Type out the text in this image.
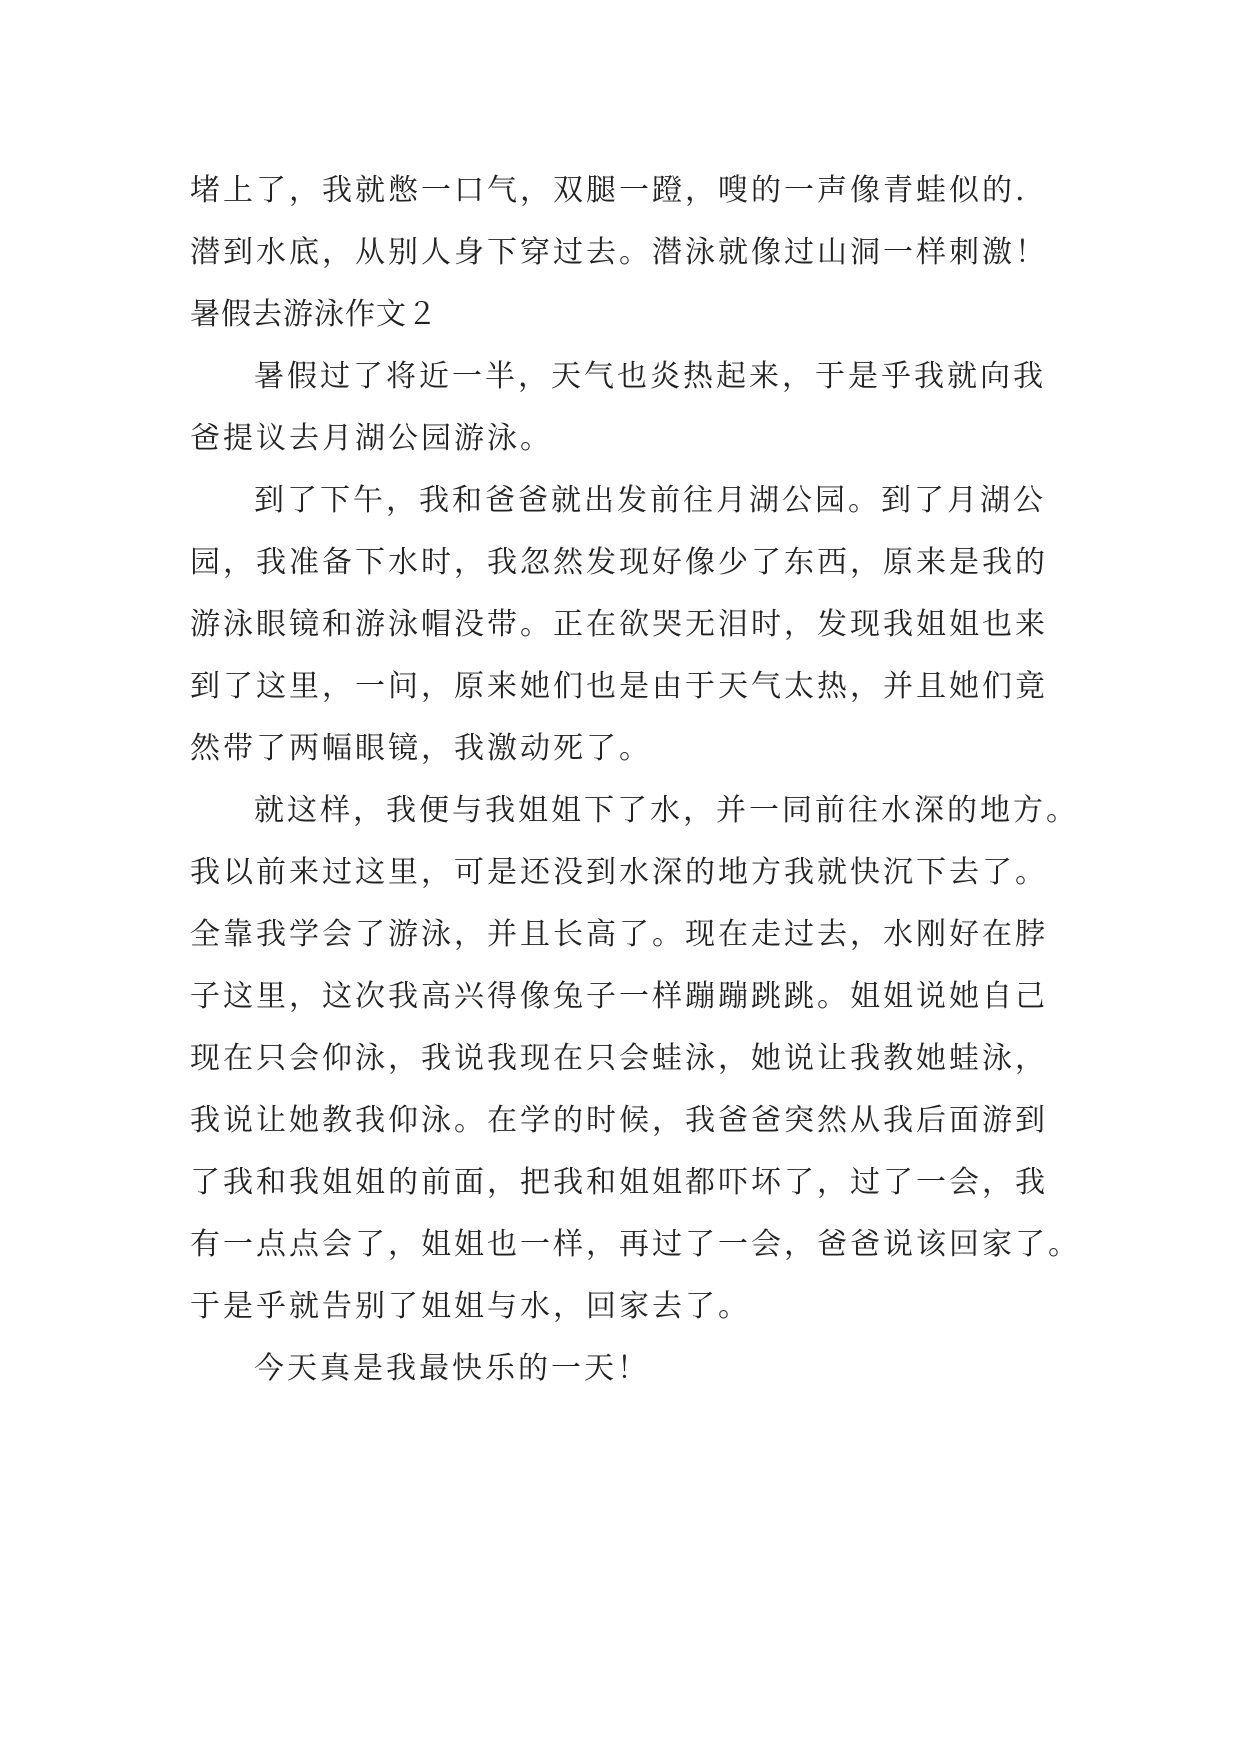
堵上了，我就憋一口气，双腿一蹬，嗖的一声像青蛙似的.
潜到水底，从别人身下穿过去。潜泳就像过山洞一样刺激！
暑假去游泳作文２
暑假过了将近一半，天气也炎热起来，于是乎我就向我
爸提议去月湖公园游泳。
到了下午，我和爸爸就出发前往月湖公园。到了月湖公
园，我准备下水时，我忽然发现好像少了东西，原来是我的
游泳眼镜和游泳帽没带。正在欲哭无泪时，发现我姐姐也来
到了这里，一问，原来她们也是由于天气太热，并且她们竟
然带了两幅眼镜，我激动死了。
就这样，我便与我姐姐下了水，并一同前往水深的地方。
我以前来过这里，可是还没到水深的地方我就快沉下去了。
全靠我学会了游泳，并且长高了。现在走过去，水刚好在脖
子这里，这次我高兴得像兔子一样蹦蹦跳跳。姐姐说她自己
现在只会仰泳，我说我现在只会蛙泳，她说让我教她蛙泳，
我说让她教我仰泳。在学的时候，我爸爸突然从我后面游到
了我和我姐姐的前面，把我和姐姐都吓坏了，过了一会，我
有一点点会了，姐姐也一样，再过了一会，爸爸说该回家了。
于是乎就告别了姐姐与水，回家去了。
今天真是我最快乐的一天！
